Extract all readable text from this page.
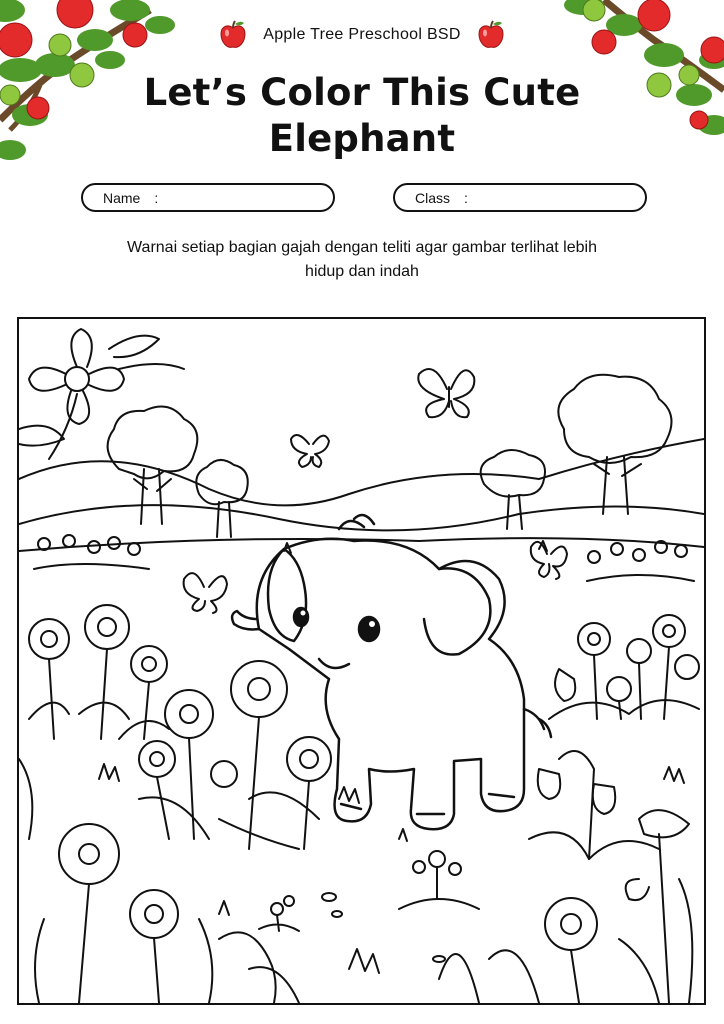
Apple Tree Preschool BSD
Let’s Color This Cute
Elephant
Name :	Class :
Warnai setiap bagian gajah dengan teliti agar gambar terlihat lebih
hidup dan indah
